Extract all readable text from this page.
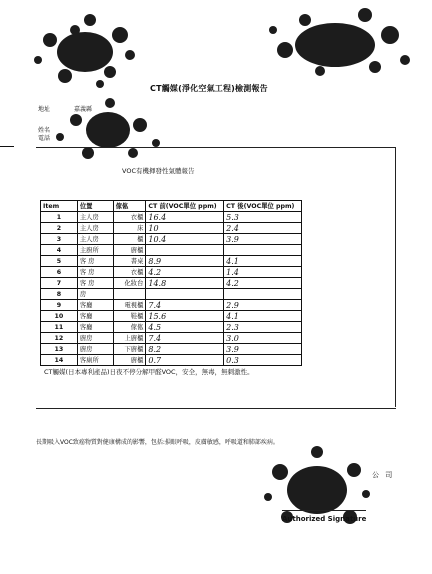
CT觸媒(淨化空氣工程)檢測報告
地址	嘉義縣
姓名
電話
VOC有機揮發性氣體報告
Item	位置	傢俬	CT 前(VOC單位 ppm)	CT 後(VOC單位 ppm)
1	主人房	衣櫃	16.4	5.3
2	主人房	床	10	2.4
3	主人房	櫃	10.4	3.9
4	主廚所	廚櫃		
5	客 房	書桌	8.9	4.1
6	客 房	衣櫃	4.2	1.4
7	客 房	化妝台	14.8	4.2
8	房			
9	客廳	電視櫃	7.4	2.9
10	客廳	鞋櫃	15.6	4.1
11	客廳	傢俬	4.5	2.3
12	廚房	上廚櫃	7.4	3.0
13	廚房	下廚櫃	8.2	3.9
14	客廁所	廚櫃	0.7	0.3
CT觸媒(日本專利產品)日夜不停分解甲醛VOC，安全，無毒，無刺激性。
長期吸入VOC致癌物質對健康構成的影響，包括:損眼呼吸，皮膚敏感，呼吸道和肺部疾病。
公 司
Authorized Signature
